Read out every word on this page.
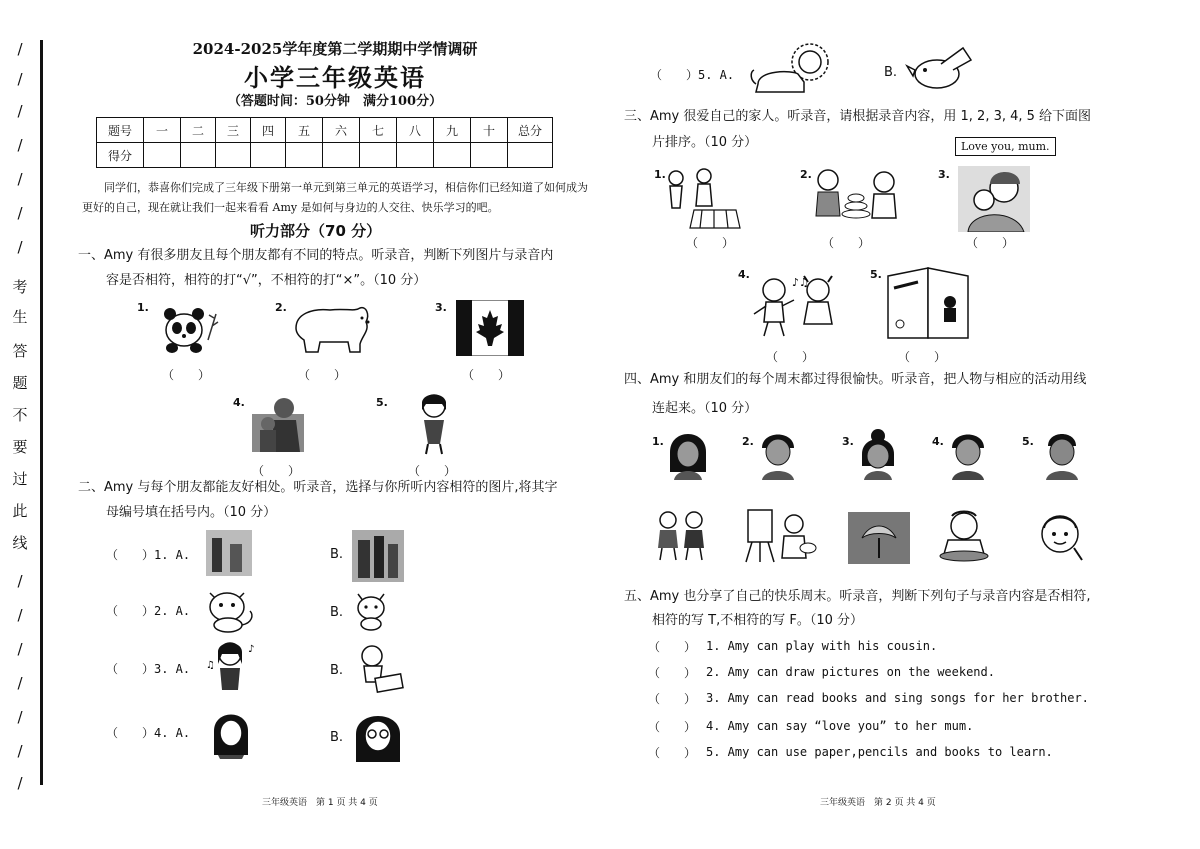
/
/
/
/
/
/
/
考
生
答
题
不
要
过
此
线
/
/
/
/
/
/
/
2024-2025学年度第二学期期中学情调研
小学三年级英语
（答题时间：50分钟　满分100分）
题号	一	二	三	四	五	六	七	八	九	十	总分
得分											
同学们，恭喜你们完成了三年级下册第一单元到第三单元的英语学习，相信你们已经知道了如何成为更好的自己，现在就让我们一起来看看 Amy 是如何与身边的人交往、快乐学习的吧。
听力部分（70 分）
一、Amy 有很多朋友且每个朋友都有不同的特点。听录音，判断下列图片与录音内
容是否相符，相符的打“√”，不相符的打“×”。（10 分）
1.
（　　）
2.
（　　）
3.
（　　）
4.
（　　）
5.
（　　）
二、Amy 与每个朋友都能友好相处。听录音，选择与你所听内容相符的图片,将其字
母编号填在括号内。（10 分）
（　　）1. A.	B.
（　　）2. A.	B.
（　　）3. A.
♪
♫	B.
（　　）4. A.	B.
三年级英语　第 1 页 共 4 页
（　　）5. A.	B.
三、Amy 很爱自己的家人。听录音，请根据录音内容，用 1, 2, 3, 4, 5 给下面图
片排序。（10 分）	Love you, mum.
1.
（　　）
2.
（　　）
3.
（　　）
4.
♪♫
（　　）
5.
（　　）
四、Amy 和朋友们的每个周末都过得很愉快。听录音，把人物与相应的活动用线
连起来。（10 分）
1.	2.	3.	4.	5.
五、Amy 也分享了自己的快乐周末。听录音，判断下列句子与录音内容是否相符,
相符的写 T,不相符的写 F。（10 分）
（　　） 1. Amy can play with his cousin.
（　　） 2. Amy can draw pictures on the weekend.
（　　） 3. Amy can read books and sing songs for her brother.
（　　） 4. Amy can say “love you” to her mum.
（　　） 5. Amy can use paper,pencils and books to learn.
三年级英语　第 2 页 共 4 页
